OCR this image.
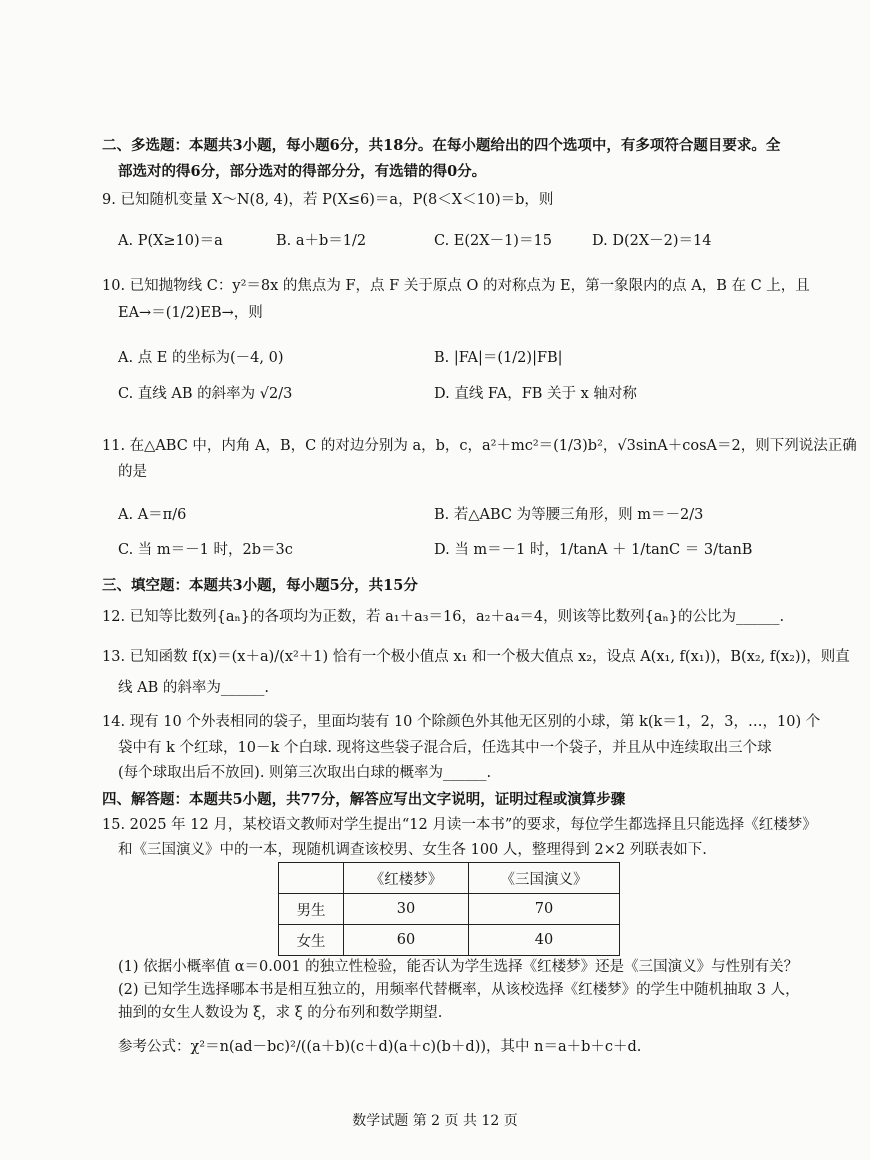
二、多选题：本题共3小题，每小题6分，共18分。在每小题给出的四个选项中，有多项符合题目要求。全
部选对的得6分，部分选对的得部分分，有选错的得0分。
9. 已知随机变量 X～N(8, 4)，若 P(X≤6)＝a，P(8＜X＜10)＝b，则
A. P(X≥10)＝a	B. a＋b＝1/2	C. E(2X－1)＝15	D. D(2X－2)＝14
10. 已知抛物线 C：y²＝8x 的焦点为 F，点 F 关于原点 O 的对称点为 E，第一象限内的点 A，B 在 C 上，且
EA→＝(1/2)EB→，则
A. 点 E 的坐标为(－4, 0)	B. |FA|＝(1/2)|FB|
C. 直线 AB 的斜率为 √2/3	D. 直线 FA，FB 关于 x 轴对称
11. 在△ABC 中，内角 A，B，C 的对边分别为 a，b，c，a²＋mc²＝(1/3)b²，√3sinA＋cosA＝2，则下列说法正确
的是
A. A＝π/6	B. 若△ABC 为等腰三角形，则 m＝－2/3
C. 当 m＝－1 时，2b＝3c	D. 当 m＝－1 时，1/tanA ＋ 1/tanC ＝ 3/tanB
三、填空题：本题共3小题，每小题5分，共15分
12. 已知等比数列{aₙ}的各项均为正数，若 a₁＋a₃＝16，a₂＋a₄＝4，则该等比数列{aₙ}的公比为______.
13. 已知函数 f(x)＝(x＋a)/(x²＋1) 恰有一个极小值点 x₁ 和一个极大值点 x₂，设点 A(x₁, f(x₁))，B(x₂, f(x₂))，则直
线 AB 的斜率为______.
14. 现有 10 个外表相同的袋子，里面均装有 10 个除颜色外其他无区别的小球，第 k(k＝1，2，3，…，10) 个
袋中有 k 个红球，10－k 个白球. 现将这些袋子混合后，任选其中一个袋子，并且从中连续取出三个球
(每个球取出后不放回). 则第三次取出白球的概率为______.
四、解答题：本题共5小题，共77分，解答应写出文字说明，证明过程或演算步骤
15. 2025 年 12 月，某校语文教师对学生提出“12 月读一本书”的要求，每位学生都选择且只能选择《红楼梦》
和《三国演义》中的一本，现随机调查该校男、女生各 100 人，整理得到 2×2 列联表如下.
	《红楼梦》	《三国演义》
男生	30	70
女生	60	40
(1) 依据小概率值 α＝0.001 的独立性检验，能否认为学生选择《红楼梦》还是《三国演义》与性别有关？
(2) 已知学生选择哪本书是相互独立的，用频率代替概率，从该校选择《红楼梦》的学生中随机抽取 3 人，
抽到的女生人数设为 ξ，求 ξ 的分布列和数学期望.
参考公式：χ²＝n(ad－bc)²/((a＋b)(c＋d)(a＋c)(b＋d))，其中 n＝a＋b＋c＋d.
数学试题 第 2 页 共 12 页
